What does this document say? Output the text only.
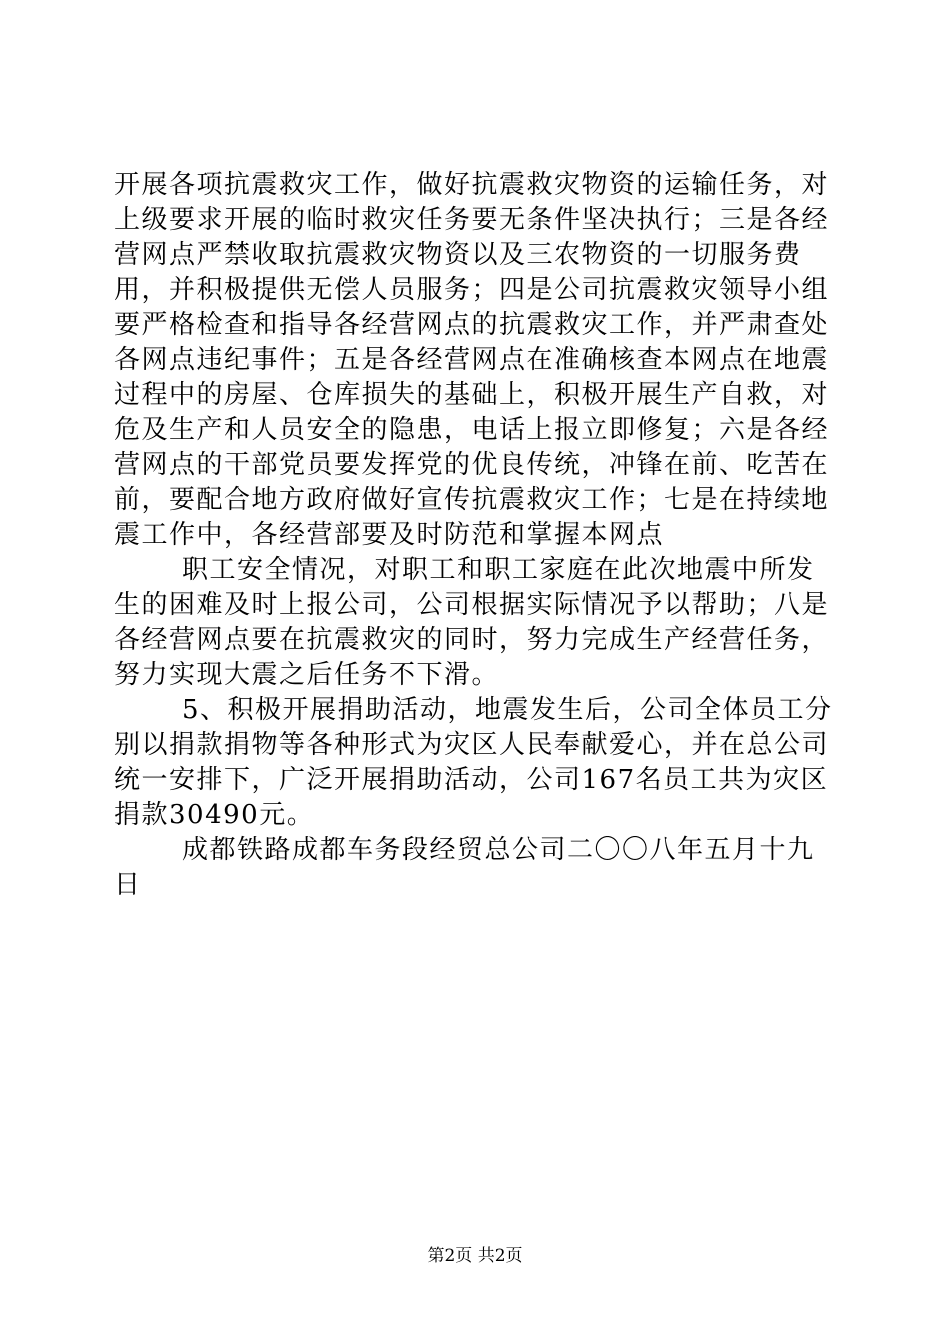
开展各项抗震救灾工作，做好抗震救灾物资的运输任务，对上级要求开展的临时救灾任务要无条件坚决执行；三是各经营网点严禁收取抗震救灾物资以及三农物资的一切服务费用，并积极提供无偿人员服务；四是公司抗震救灾领导小组要严格检查和指导各经营网点的抗震救灾工作，并严肃查处各网点违纪事件；五是各经营网点在准确核查本网点在地震过程中的房屋、仓库损失的基础上，积极开展生产自救，对危及生产和人员安全的隐患，电话上报立即修复；六是各经营网点的干部党员要发挥党的优良传统，冲锋在前、吃苦在前，要配合地方政府做好宣传抗震救灾工作；七是在持续地震工作中，各经营部要及时防范和掌握本网点

职工安全情况，对职工和职工家庭在此次地震中所发生的困难及时上报公司，公司根据实际情况予以帮助；八是各经营网点要在抗震救灾的同时，努力完成生产经营任务，努力实现大震之后任务不下滑。

5、积极开展捐助活动，地震发生后，公司全体员工分别以捐款捐物等各种形式为灾区人民奉献爱心，并在总公司统一安排下，广泛开展捐助活动，公司167名员工共为灾区捐款30490元。

成都铁路成都车务段经贸总公司二〇〇八年五月十九日

第2页 共2页
